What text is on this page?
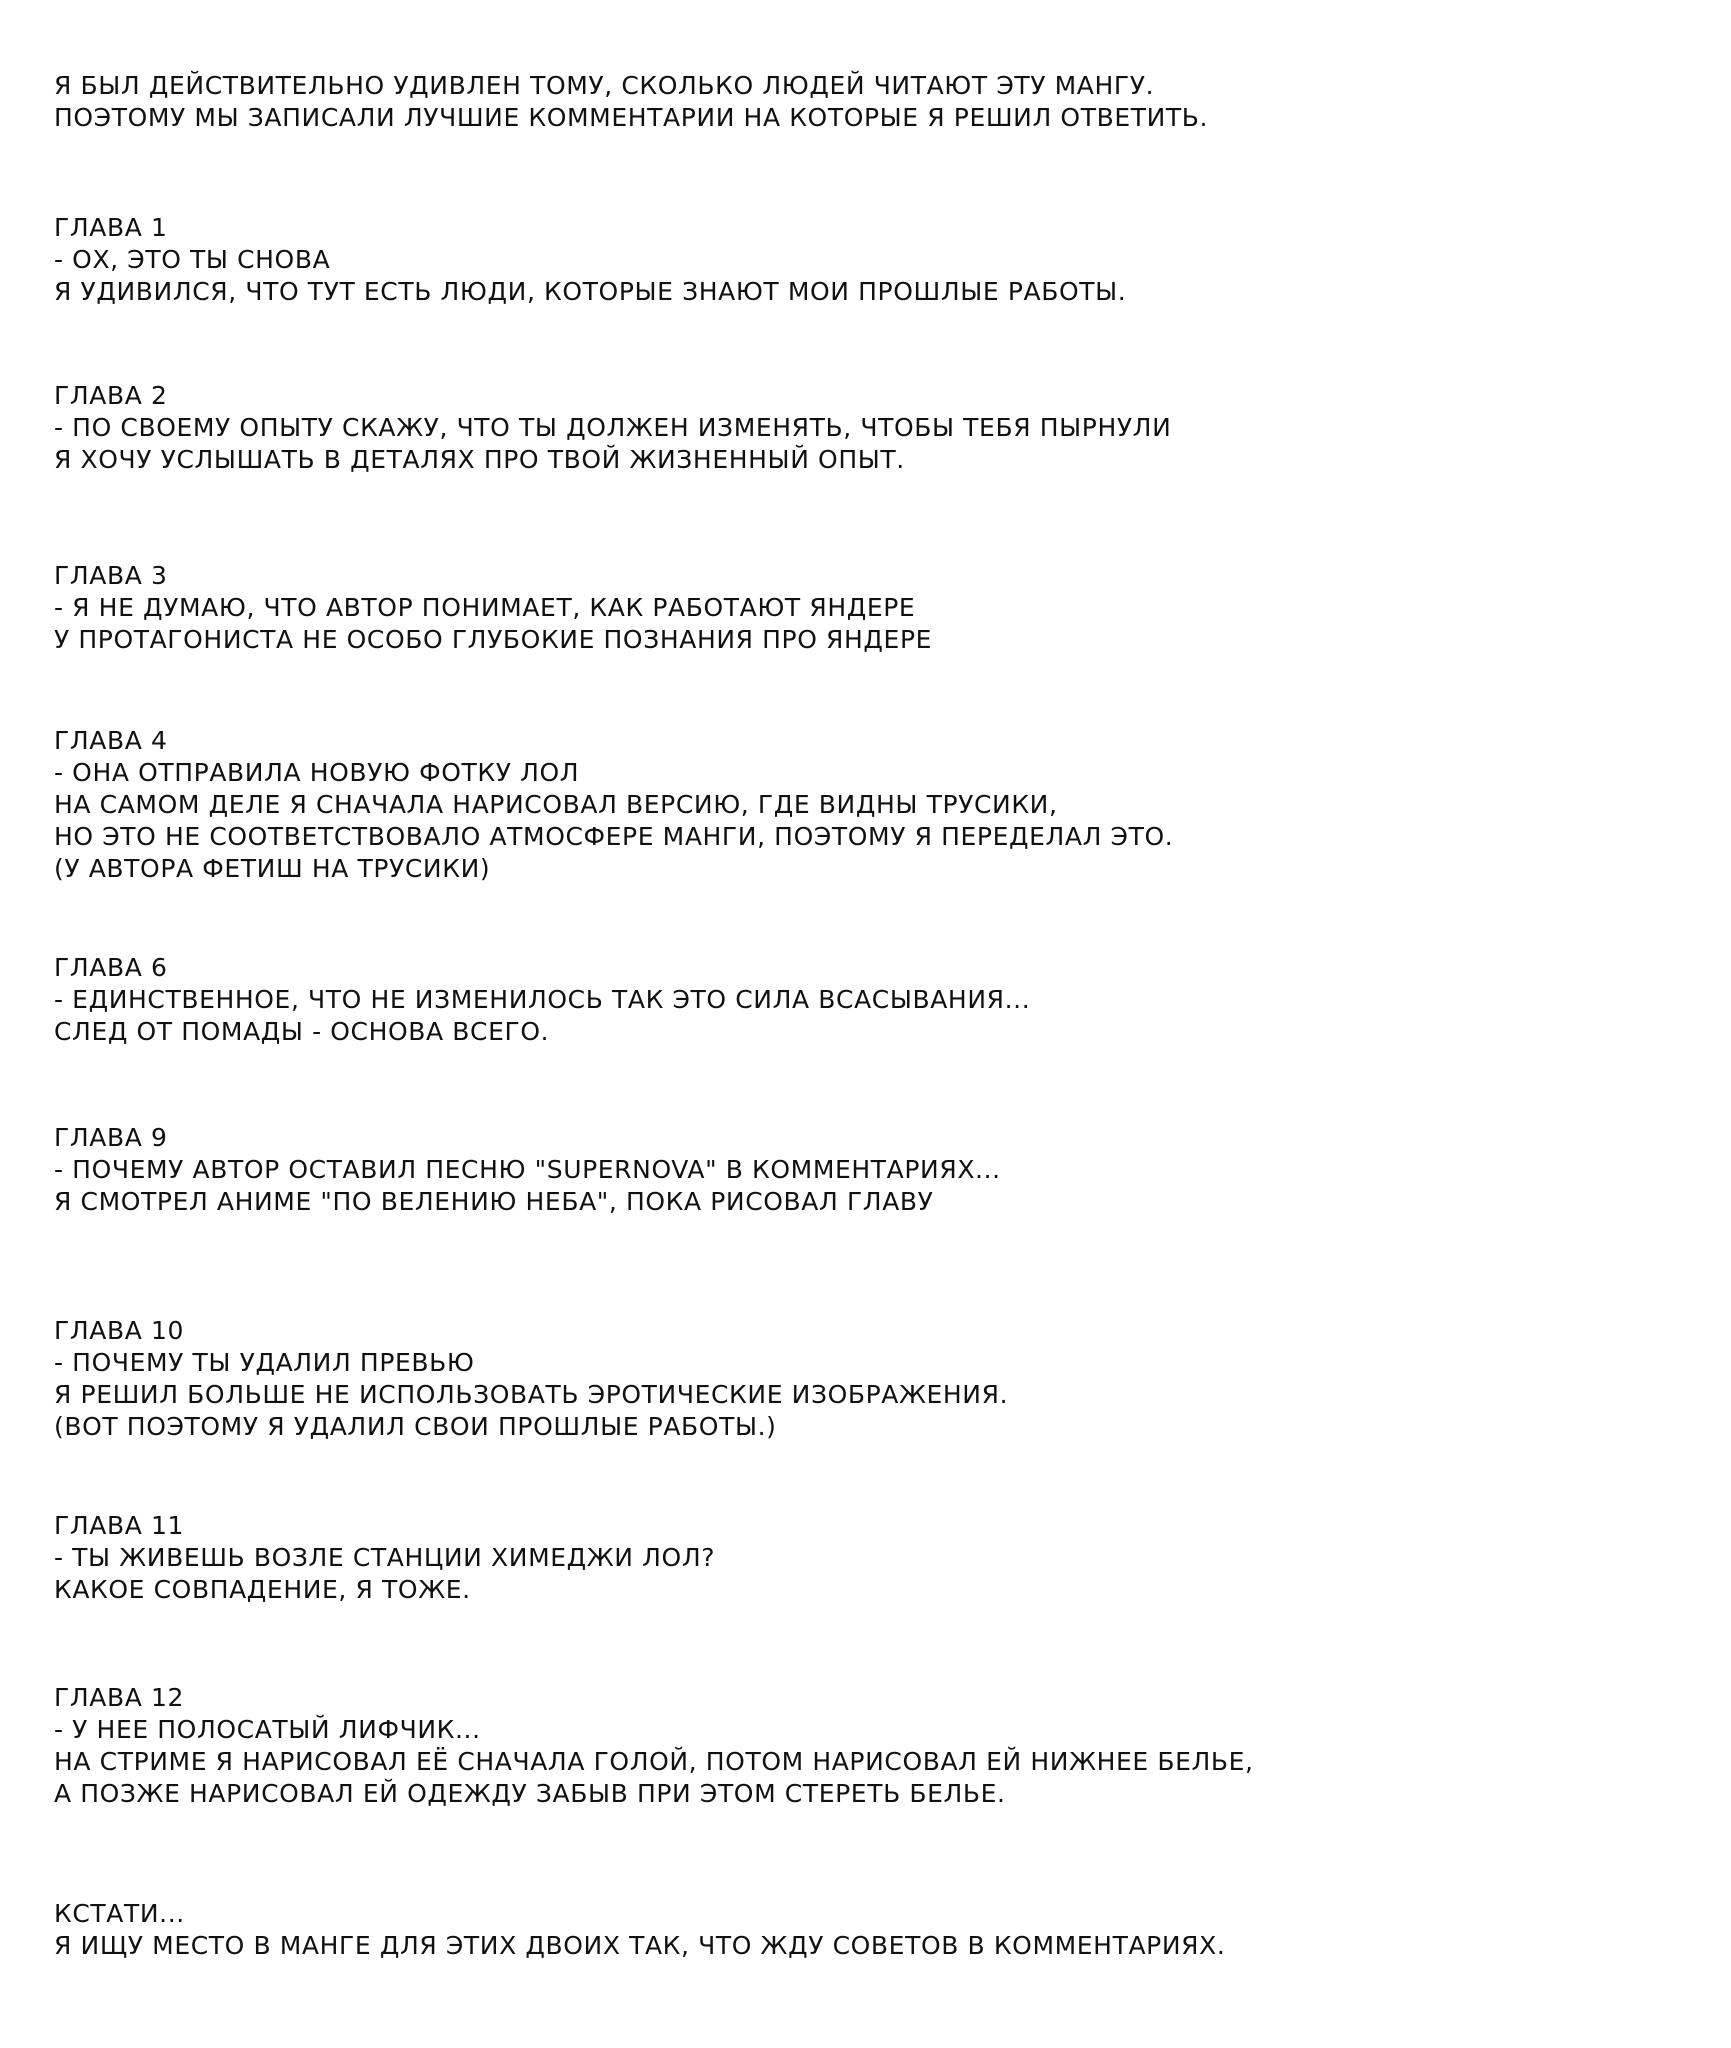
Я БЫЛ ДЕЙСТВИТЕЛЬНО УДИВЛЕН ТОМУ, СКОЛЬКО ЛЮДЕЙ ЧИТАЮТ ЭТУ МАНГУ.

ПОЭТОМУ МЫ ЗАПИСАЛИ ЛУЧШИЕ КОММЕНТАРИИ НА КОТОРЫЕ Я РЕШИЛ ОТВЕТИТЬ.

ГЛАВА 1

- ОХ, ЭТО ТЫ СНОВА

Я УДИВИЛСЯ, ЧТО ТУТ ЕСТЬ ЛЮДИ, КОТОРЫЕ ЗНАЮТ МОИ ПРОШЛЫЕ РАБОТЫ.

ГЛАВА 2

- ПО СВОЕМУ ОПЫТУ СКАЖУ, ЧТО ТЫ ДОЛЖЕН ИЗМЕНЯТЬ, ЧТОБЫ ТЕБЯ ПЫРНУЛИ

Я ХОЧУ УСЛЫШАТЬ В ДЕТАЛЯХ ПРО ТВОЙ ЖИЗНЕННЫЙ ОПЫТ.

ГЛАВА 3

- Я НЕ ДУМАЮ, ЧТО АВТОР ПОНИМАЕТ, КАК РАБОТАЮТ ЯНДЕРЕ

У ПРОТАГОНИСТА НЕ ОСОБО ГЛУБОКИЕ ПОЗНАНИЯ ПРО ЯНДЕРЕ

ГЛАВА 4

- ОНА ОТПРАВИЛА НОВУЮ ФОТКУ ЛОЛ

НА САМОМ ДЕЛЕ Я СНАЧАЛА НАРИСОВАЛ ВЕРСИЮ, ГДЕ ВИДНЫ ТРУСИКИ,

НО ЭТО НЕ СООТВЕТСТВОВАЛО АТМОСФЕРЕ МАНГИ, ПОЭТОМУ Я ПЕРЕДЕЛАЛ ЭТО.

(У АВТОРА ФЕТИШ НА ТРУСИКИ)

ГЛАВА 6

- ЕДИНСТВЕННОЕ, ЧТО НЕ ИЗМЕНИЛОСЬ ТАК ЭТО СИЛА ВСАСЫВАНИЯ...

СЛЕД ОТ ПОМАДЫ - ОСНОВА ВСЕГО.

ГЛАВА 9

- ПОЧЕМУ АВТОР ОСТАВИЛ ПЕСНЮ "SUPERNOVA" В КОММЕНТАРИЯХ...

Я СМОТРЕЛ АНИМЕ "ПО ВЕЛЕНИЮ НЕБА", ПОКА РИСОВАЛ ГЛАВУ

ГЛАВА 10

- ПОЧЕМУ ТЫ УДАЛИЛ ПРЕВЬЮ

Я РЕШИЛ БОЛЬШЕ НЕ ИСПОЛЬЗОВАТЬ ЭРОТИЧЕСКИЕ ИЗОБРАЖЕНИЯ.

(ВОТ ПОЭТОМУ Я УДАЛИЛ СВОИ ПРОШЛЫЕ РАБОТЫ.)

ГЛАВА 11

- ТЫ ЖИВЕШЬ ВОЗЛЕ СТАНЦИИ ХИМЕДЖИ ЛОЛ?

КАКОЕ СОВПАДЕНИЕ, Я ТОЖЕ.

ГЛАВА 12

- У НЕЕ ПОЛОСАТЫЙ ЛИФЧИК...

НА СТРИМЕ Я НАРИСОВАЛ ЕЁ СНАЧАЛА ГОЛОЙ, ПОТОМ НАРИСОВАЛ ЕЙ НИЖНЕЕ БЕЛЬЕ,

А ПОЗЖЕ НАРИСОВАЛ ЕЙ ОДЕЖДУ ЗАБЫВ ПРИ ЭТОМ СТЕРЕТЬ БЕЛЬЕ.

КСТАТИ...

Я ИЩУ МЕСТО В МАНГЕ ДЛЯ ЭТИХ ДВОИХ ТАК, ЧТО ЖДУ СОВЕТОВ В КОММЕНТАРИЯХ.
